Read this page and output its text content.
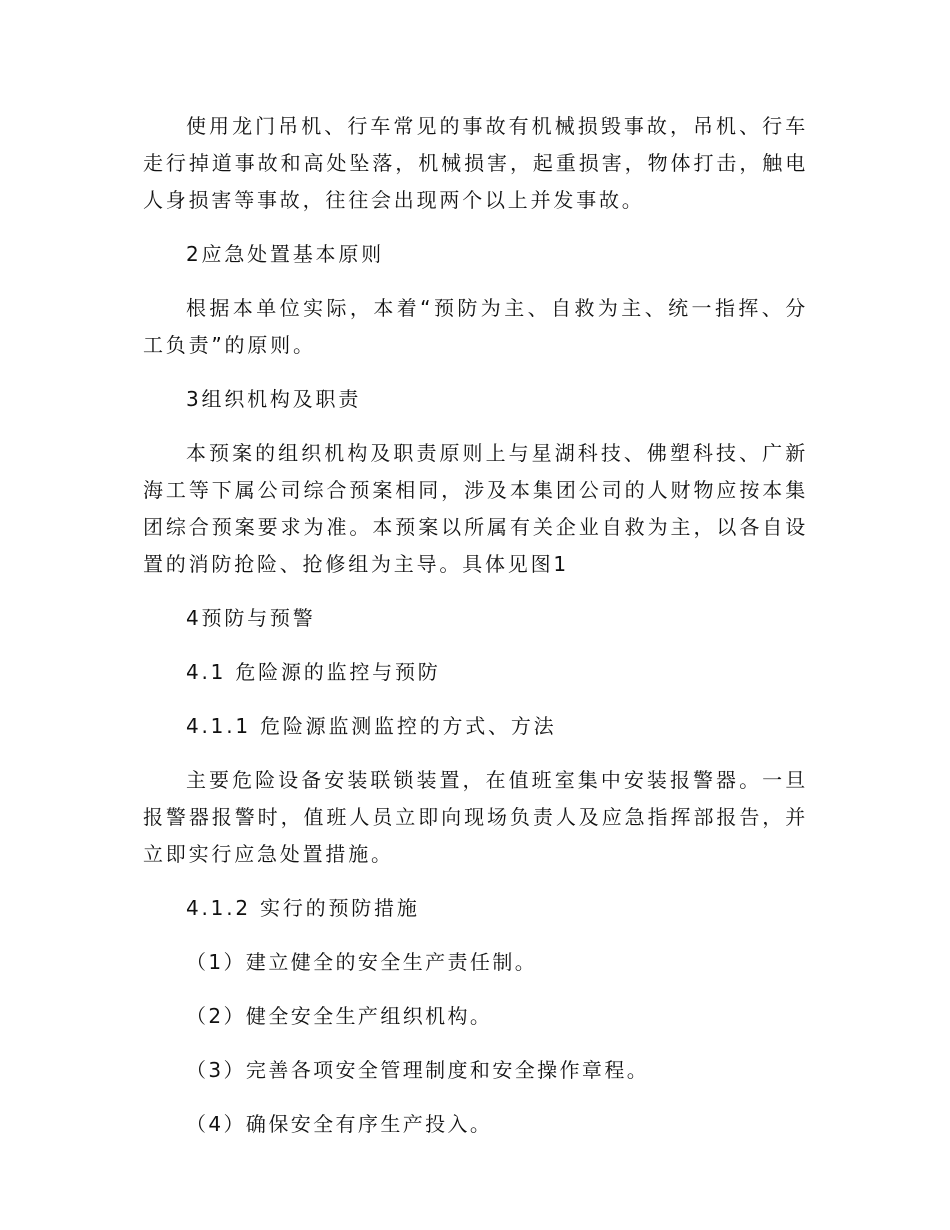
使用龙门吊机、行车常见的事故有机械损毁事故，吊机、行车走行掉道事故和高处坠落，机械损害，起重损害，物体打击，触电人身损害等事故，往往会出现两个以上并发事故。

2应急处置基本原则

根据本单位实际，本着“预防为主、自救为主、统一指挥、分工负责”的原则。

3组织机构及职责

本预案的组织机构及职责原则上与星湖科技、佛塑科技、广新海工等下属公司综合预案相同，涉及本集团公司的人财物应按本集团综合预案要求为准。本预案以所属有关企业自救为主，以各自设置的消防抢险、抢修组为主导。具体见图1

4预防与预警

4.1 危险源的监控与预防

4.1.1 危险源监测监控的方式、方法

主要危险设备安装联锁装置，在值班室集中安装报警器。一旦报警器报警时，值班人员立即向现场负责人及应急指挥部报告，并立即实行应急处置措施。

4.1.2 实行的预防措施

（1）建立健全的安全生产责任制。

（2）健全安全生产组织机构。

（3）完善各项安全管理制度和安全操作章程。

（4）确保安全有序生产投入。
